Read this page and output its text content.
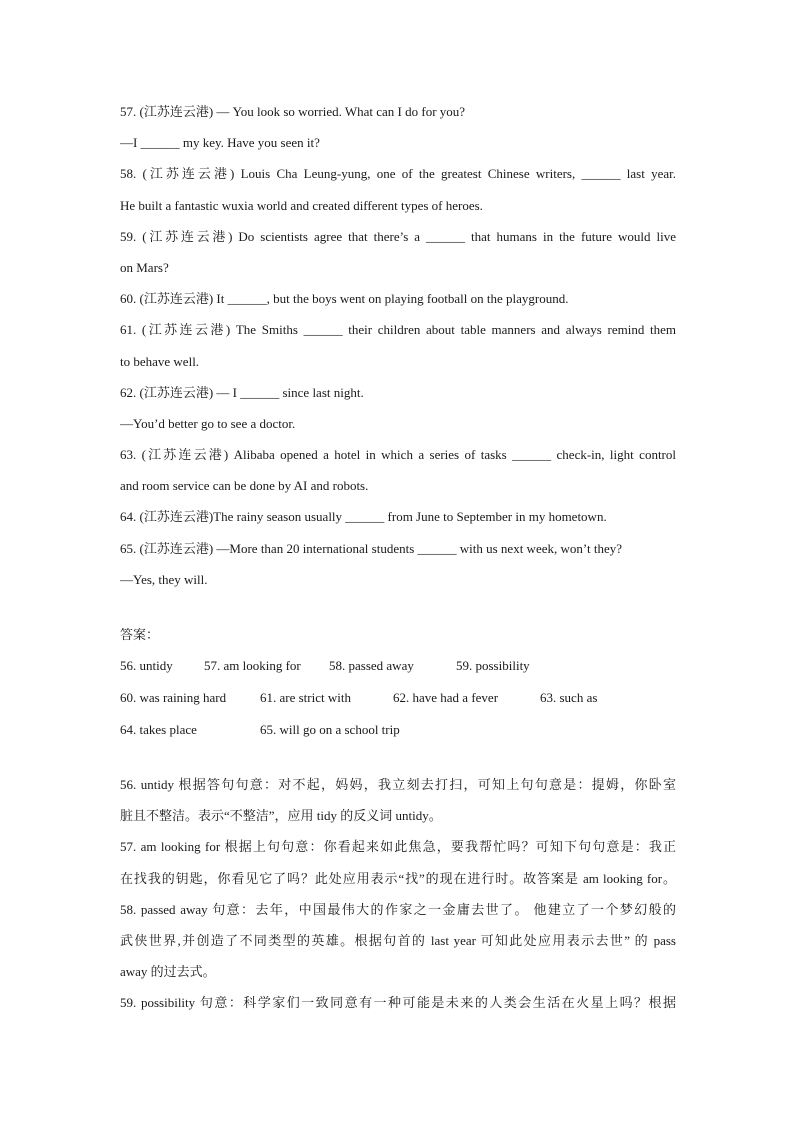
57. (江苏连云港) — You look so worried. What can I do for you?
—I ______ my key. Have you seen it?
58. (江苏连云港) Louis Cha Leung-yung, one of the greatest Chinese writers, ______ last year.
He built a fantastic wuxia world and created different types of heroes.
59. (江苏连云港) Do scientists agree that there’s a ______ that humans in the future would live
on Mars?
60. (江苏连云港) It ______, but the boys went on playing football on the playground.
61. (江苏连云港) The Smiths ______ their children about table manners and always remind them
to behave well.
62. (江苏连云港) — I ______ since last night.
—You’d better go to see a doctor.
63. (江苏连云港) Alibaba opened a hotel in which a series of tasks ______ check-in, light control
and room service can be done by AI and robots.
64. (江苏连云港)The rainy season usually ______ from June to September in my hometown.
65. (江苏连云港) —More than 20 international students ______ with us next week, won’t they?
—Yes, they will.
答案：
56. untidy 57. am looking for 58. passed away	59. possibility
60. was raining hard	61. are strict with	62. have had a fever	63. such as
64. takes place	65. will go on a school trip
56. untidy 根据答句句意：对不起，妈妈，我立刻去打扫，可知上句句意是：提姆，你卧室
脏且不整洁。表示“不整洁”，应用 tidy 的反义词 untidy。
57. am looking for 根据上句句意：你看起来如此焦急，要我帮忙吗？可知下句句意是：我正
在找我的钥匙，你看见它了吗？此处应用表示“找”的现在进行时。故答案是 am looking for。
58. passed away 句意：去年，中国最伟大的作家之一金庸去世了。 他建立了一个梦幻般的
武侠世界,并创造了不同类型的英雄。根据句首的 last year 可知此处应用表示去世” 的 pass
away 的过去式。
59. possibility 句意：科学家们一致同意有一种可能是未来的人类会生活在火星上吗？根据
